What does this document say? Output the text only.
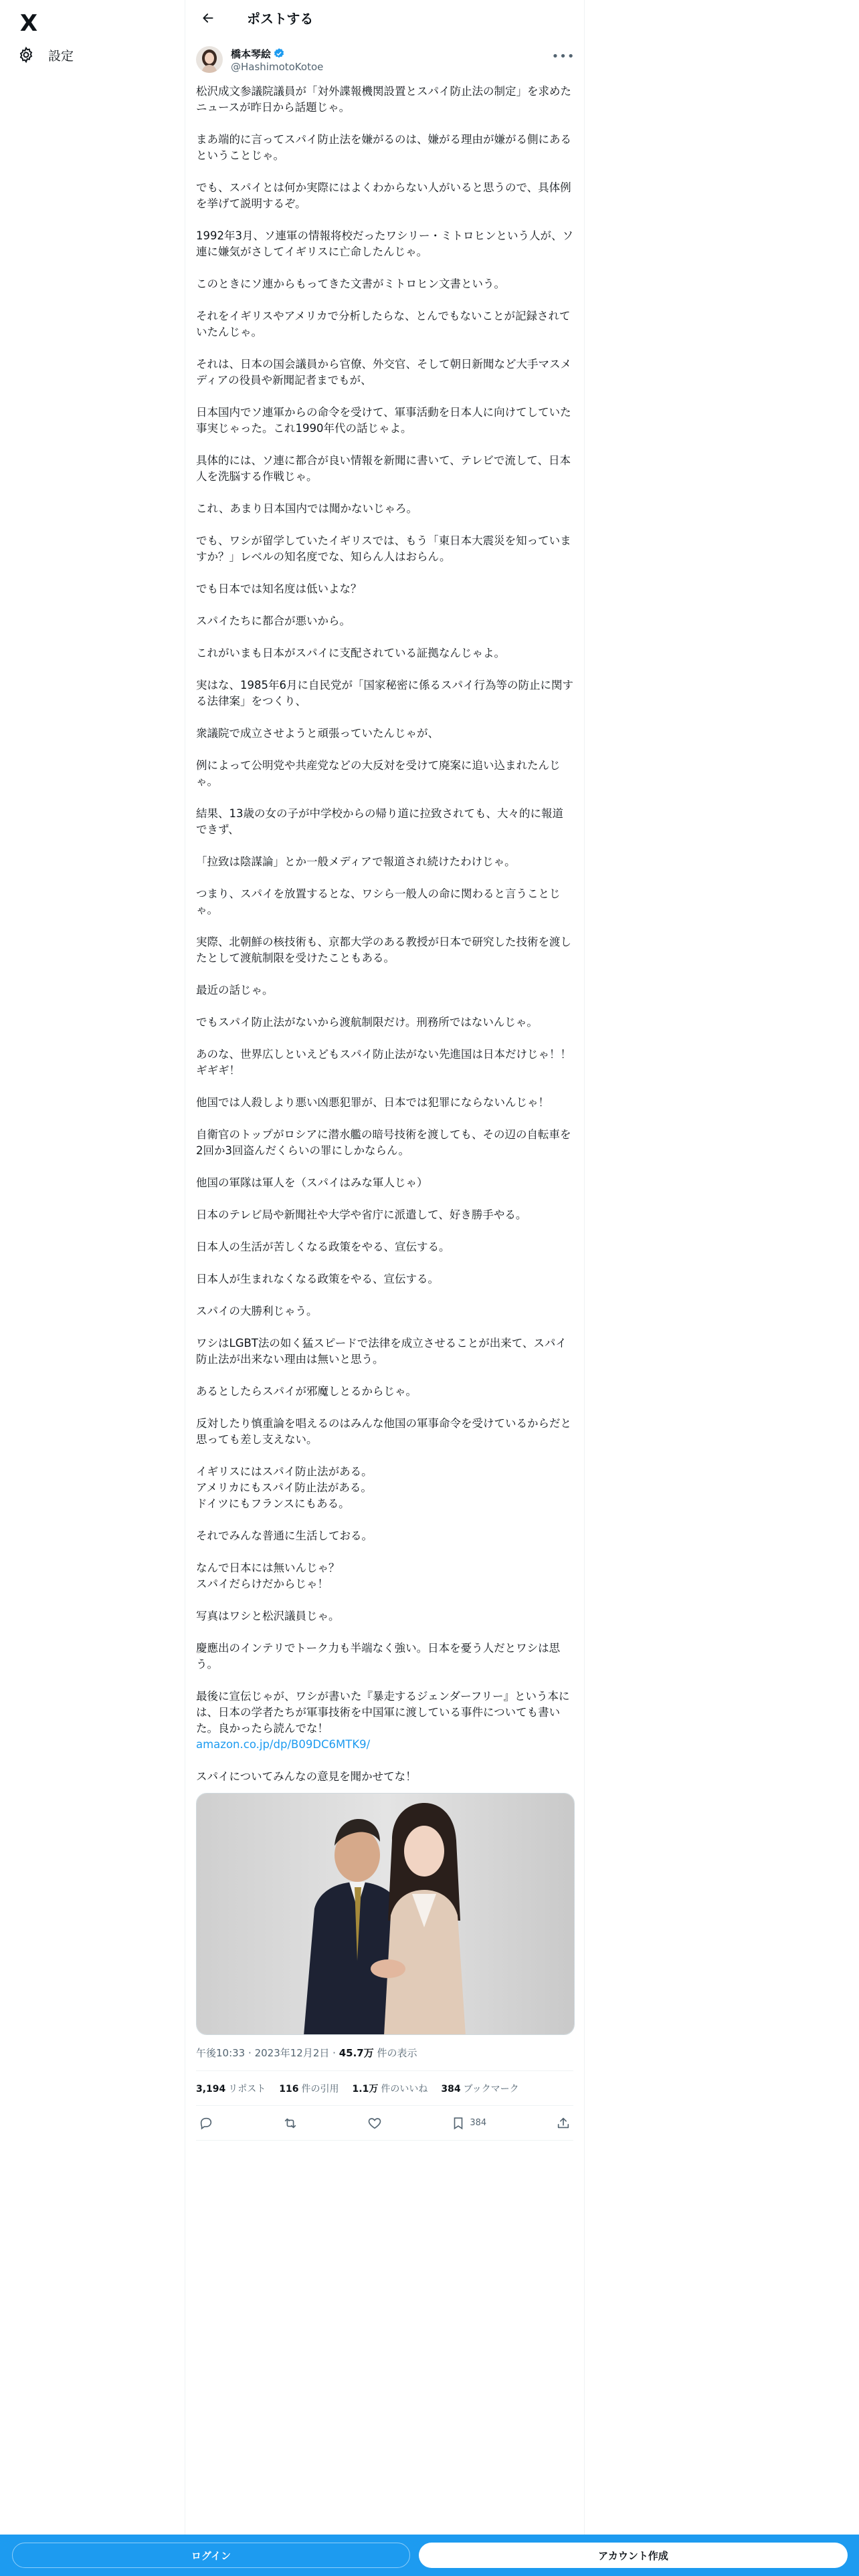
X
設定
ポストする
橋本琴絵
@HashimotoKotoe
•••

松沢成文参議院議員が「対外諜報機関設置とスパイ防止法の制定」を求めたニュースが昨日から話題じゃ。

まあ端的に言ってスパイ防止法を嫌がるのは、嫌がる理由が嫌がる側にあるということじゃ。

でも、スパイとは何か実際にはよくわからない人がいると思うので、具体例を挙げて説明するぞ。

1992年3月、ソ連軍の情報将校だったワシリー・ミトロヒンという人が、ソ連に嫌気がさしてイギリスに亡命したんじゃ。

このときにソ連からもってきた文書がミトロヒン文書という。

それをイギリスやアメリカで分析したらな、とんでもないことが記録されていたんじゃ。

それは、日本の国会議員から官僚、外交官、そして朝日新聞など大手マスメディアの役員や新聞記者までもが、

日本国内でソ連軍からの命令を受けて、軍事活動を日本人に向けてしていた事実じゃった。これ1990年代の話じゃよ。

具体的には、ソ連に都合が良い情報を新聞に書いて、テレビで流して、日本人を洗脳する作戦じゃ。

これ、あまり日本国内では聞かないじゃろ。

でも、ワシが留学していたイギリスでは、もう「東日本大震災を知っていますか？」レベルの知名度でな、知らん人はおらん。

でも日本では知名度は低いよな？

スパイたちに都合が悪いから。

これがいまも日本がスパイに支配されている証拠なんじゃよ。

実はな、1985年6月に自民党が「国家秘密に係るスパイ行為等の防止に関する法律案」をつくり、

衆議院で成立させようと頑張っていたんじゃが、

例によって公明党や共産党などの大反対を受けて廃案に追い込まれたんじゃ。

結果、13歳の女の子が中学校からの帰り道に拉致されても、大々的に報道できず、

「拉致は陰謀論」とか一般メディアで報道され続けたわけじゃ。

つまり、スパイを放置するとな、ワシら一般人の命に関わると言うことじゃ。

実際、北朝鮮の核技術も、京都大学のある教授が日本で研究した技術を渡したとして渡航制限を受けたこともある。

最近の話じゃ。

でもスパイ防止法がないから渡航制限だけ。刑務所ではないんじゃ。

あのな、世界広しといえどもスパイ防止法がない先進国は日本だけじゃ！！
ギギギ！

他国では人殺しより悪い凶悪犯罪が、日本では犯罪にならないんじゃ！

自衛官のトップがロシアに潜水艦の暗号技術を渡しても、その辺の自転車を2回か3回盗んだくらいの罪にしかならん。

他国の軍隊は軍人を（スパイはみな軍人じゃ）

日本のテレビ局や新聞社や大学や省庁に派遣して、好き勝手やる。

日本人の生活が苦しくなる政策をやる、宣伝する。

日本人が生まれなくなる政策をやる、宣伝する。

スパイの大勝利じゃう。

ワシはLGBT法の如く猛スピードで法律を成立させることが出来て、スパイ防止法が出来ない理由は無いと思う。

あるとしたらスパイが邪魔しとるからじゃ。

反対したり慎重論を唱えるのはみんな他国の軍事命令を受けているからだと思っても差し支えない。

イギリスにはスパイ防止法がある。
アメリカにもスパイ防止法がある。
ドイツにもフランスにもある。

それでみんな普通に生活しておる。

なんで日本には無いんじゃ？
スパイだらけだからじゃ！

写真はワシと松沢議員じゃ。

慶應出のインテリでトーク力も半端なく強い。日本を憂う人だとワシは思う。

最後に宣伝じゃが、ワシが書いた『暴走するジェンダーフリー』という本には、日本の学者たちが軍事技術を中国軍に渡している事件についても書いた。良かったら読んでな！
amazon.co.jp/dp/B09DC6MTK9/

スパイについてみんなの意見を聞かせてな！

午後10:33 · 2023年12月2日 · 45.7万 件の表示
3,194 リポスト 116 件の引用 1.1万 件のいいね 384 ブックマーク
384
ログイン	アカウント作成
